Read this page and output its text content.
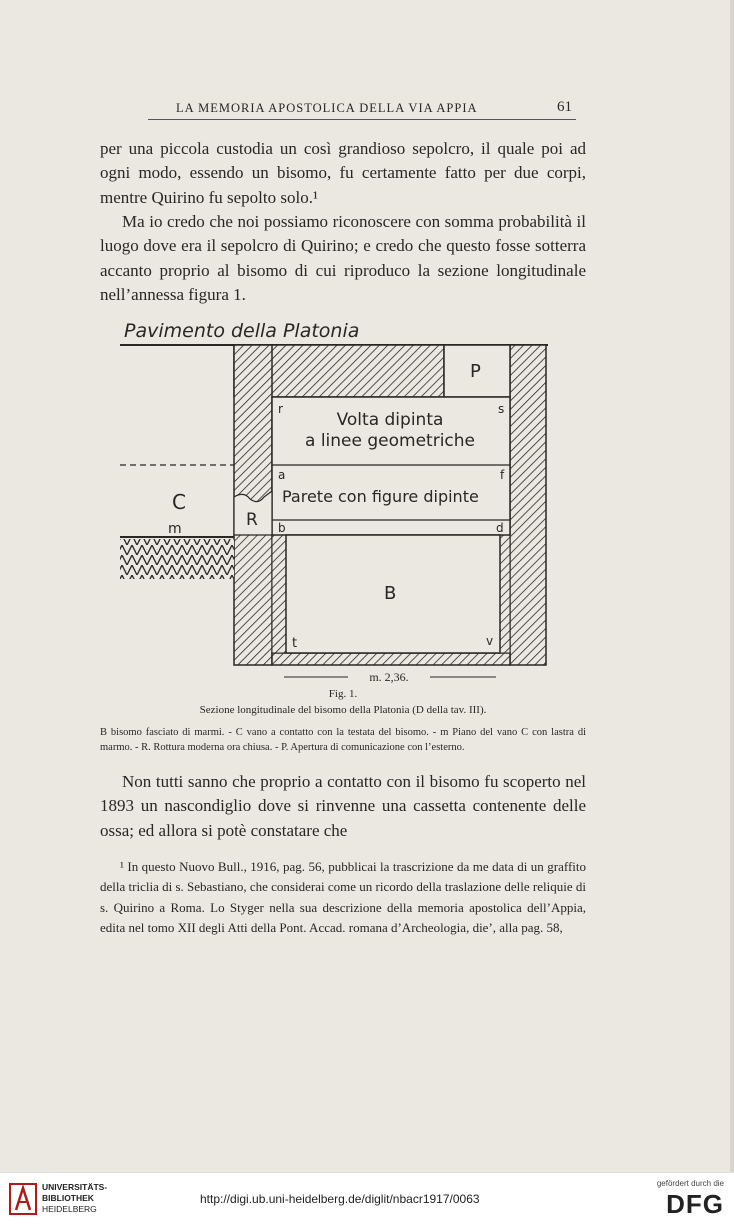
LA MEMORIA APOSTOLICA DELLA VIA APPIA	61

per una piccola custodia un così grandioso sepolcro, il quale poi ad ogni modo, essendo un bisomo, fu certamente fatto per due corpi, mentre Quirino fu sepolto solo.¹

Ma io credo che noi possiamo riconoscere con somma probabilità il luogo dove era il sepolcro di Quirino; e credo che questo fosse sotterra accanto proprio al bisomo di cui riproduco la sezione longitudinale nell’annessa figura 1.

Pavimento della Platonia
P
r	s
Volta dipinta
a linee geometriche
a	f
Parete con figure dipinte
b	d
R
B
t	v
C
m
m. 2,36.
Fig. 1.
Sezione longitudinale del bisomo della Platonia (D della tav. III).
B bisomo fasciato di marmi. - C vano a contatto con la testata del bisomo. - m Piano del vano C con lastra di marmo. - R. Rottura moderna ora chiusa. - P. Apertura di comunicazione con l’esterno.

Non tutti sanno che proprio a contatto con il bisomo fu scoperto nel 1893 un nascondiglio dove si rinvenne una cassetta contenente delle ossa; ed allora si potè constatare che

¹ In questo Nuovo Bull., 1916, pag. 56, pubblicai la trascrizione da me data di un graffito della triclia di s. Sebastiano, che considerai come un ricordo della traslazione delle reliquie di s. Quirino a Roma. Lo Styger nella sua descrizione della memoria apostolica dell’Appia, edita nel tomo XII degli Atti della Pont. Accad. romana d’Archeologia, die’, alla pag. 58,

UNIVERSITÄTS-
BIBLIOTHEK
HEIDELBERG
http://digi.ub.uni-heidelberg.de/diglit/nbacr1917/0063
gefördert durch die
DFG
